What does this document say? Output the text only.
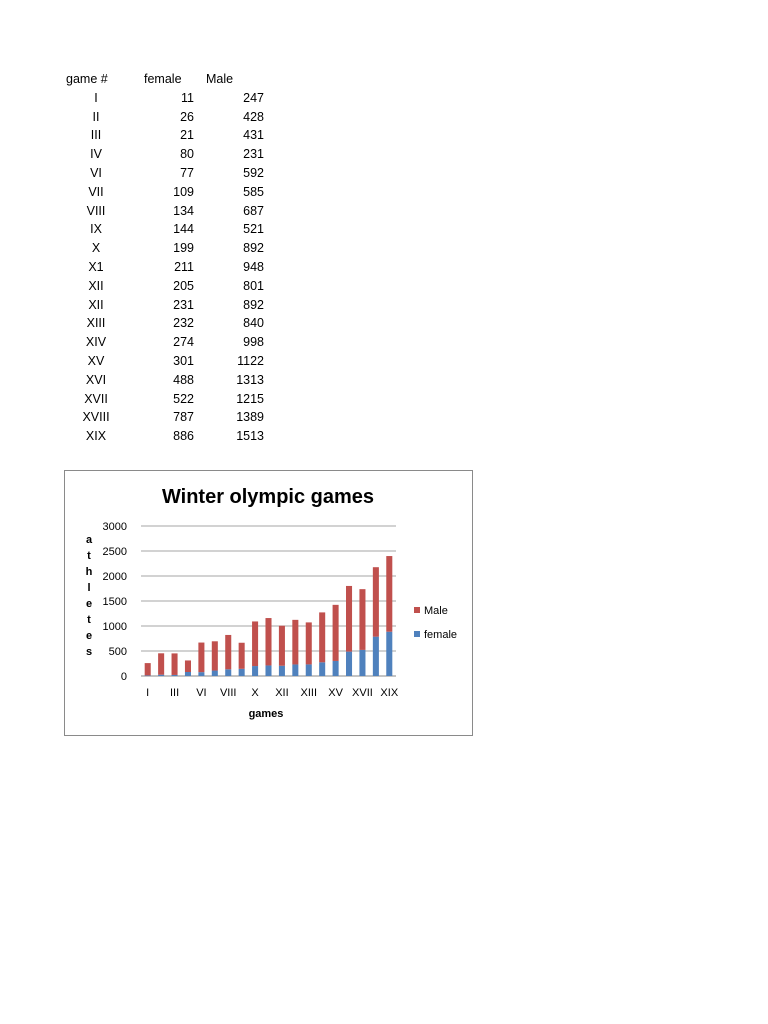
game #	female	Male
I	11	247
II	26	428
III	21	431
IV	80	231
VI	77	592
VII	109	585
VIII	134	687
IX	144	521
X	199	892
X1	211	948
XII	205	801
XII	231	892
XIII	232	840
XIV	274	998
XV	301	1122
XVI	488	1313
XVII	522	1215
XVIII	787	1389
XIX	886	1513
Winter olympic games
a
t
h
l
e
t
e
s
0
500
1000
1500
2000
2500
3000
I III VI VIII X XII XIII XV XVII XIX
games
Male
female
